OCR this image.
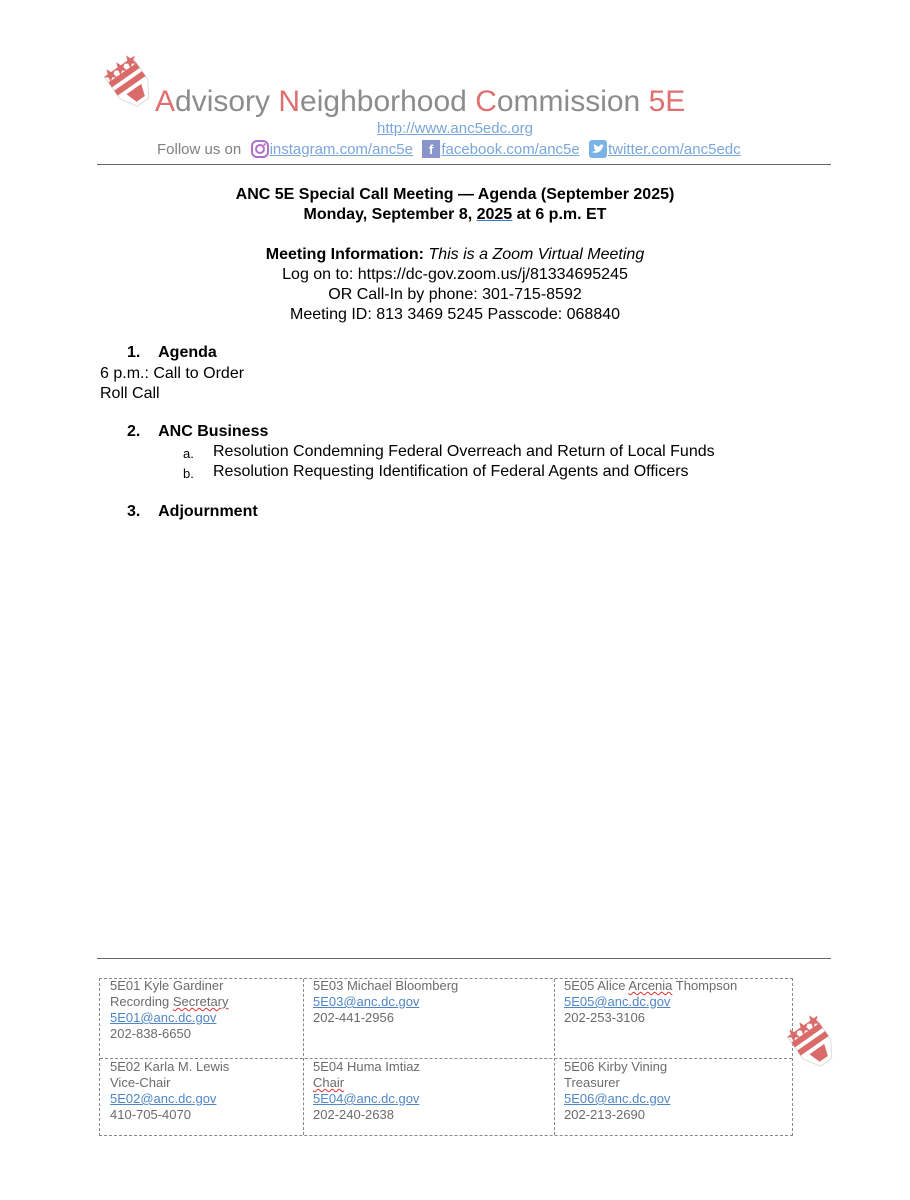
Advisory Neighborhood Commission 5E
http://www.anc5edc.org
Follow us on
instagram.com/anc5e
f facebook.com/anc5e
twitter.com/anc5edc
ANC 5E Special Call Meeting — Agenda (September 2025)
Monday, September 8, 2025 at 6 p.m. ET
Meeting Information: This is a Zoom Virtual Meeting
Log on to: https://dc-gov.zoom.us/j/81334695245
OR Call-In by phone: 301-715-8592
Meeting ID: 813 3469 5245 Passcode: 068840
1. Agenda
6 p.m.: Call to Order
Roll Call
2. ANC Business
a.	Resolution Condemning Federal Overreach and Return of Local Funds
b.	Resolution Requesting Identification of Federal Agents and Officers
3. Adjournment
5E01 Kyle Gardiner
Recording Secretary
5E01@anc.dc.gov
202-838-6650
5E03 Michael Bloomberg
5E03@anc.dc.gov
202-441-2956
5E05 Alice Arcenia Thompson
5E05@anc.dc.gov
202-253-3106
5E02 Karla M. Lewis
Vice-Chair
5E02@anc.dc.gov
410-705-4070
5E04 Huma Imtiaz
Chair
5E04@anc.dc.gov
202-240-2638
5E06 Kirby Vining
Treasurer
5E06@anc.dc.gov
202-213-2690
